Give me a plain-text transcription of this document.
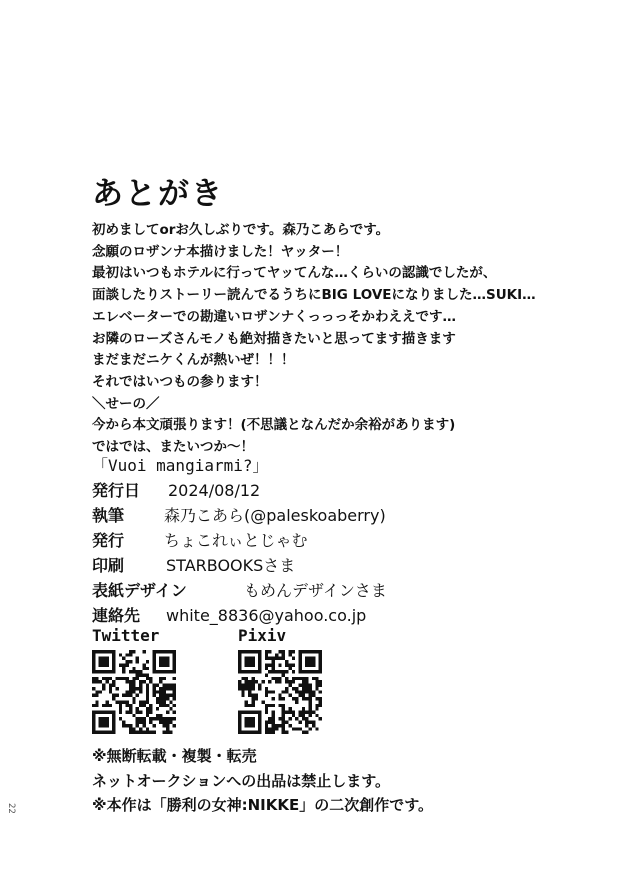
あとがき
初めましてorお久しぶりです。森乃こあらです。
念願のロザンナ本描けました！ヤッター！
最初はいつもホテルに行ってヤッてんな…くらいの認識でしたが、
面談したりストーリー読んでるうちにBIG LOVEになりました…SUKI…
エレベーターでの勘違いロザンナくっっっそかわええです…
お隣のローズさんモノも絶対描きたいと思ってます描きます
まだまだニケくんが熱いぜ！！！
それではいつもの参ります！
＼せーの／
今から本文頑張ります！(不思議となんだか余裕があります)
ではでは、またいつか～！
「Vuoi mangiarmi?」
発行日 2024/08/12
執筆 森乃こあら(@paleskoaberry)
発行 ちょこれぃとじゃむ
印刷	STARBOOKSさま
表紙デザイン	もめんデザインさま
連絡先 white_8836@yahoo.co.jp
Twitter	Pixiv
※無断転載・複製・転売
ネットオークションへの出品は禁止します。
※本作は「勝利の女神:NIKKE」の二次創作です。
22
